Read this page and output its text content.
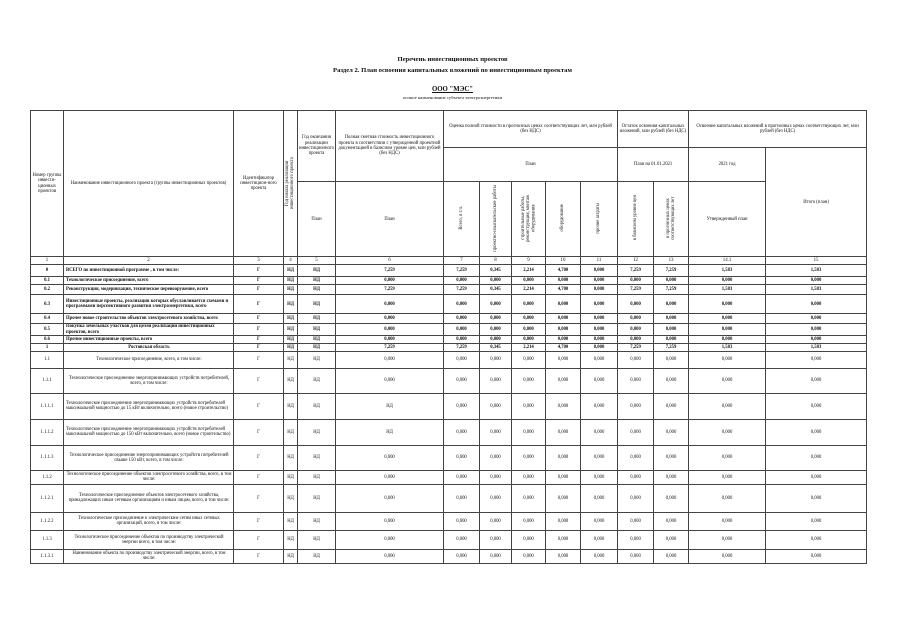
Перечень инвестиционных проектов
Раздел 2. План освоения капитальных вложений по инвестиционным проектам
ООО "МЭС"
полное наименование субъекта электроэнергетики
Номер группы инвести-ционных проектов	Наименование инвестиционного проекта (группы инвестиционных проектов)	Идентификатор инвестицион-ного проекта	Год начала реализации инвестиционного проекта	Год окончания реализации инвестиционного проекта	Полная сметная стоимость инвестиционного проекта в соответствии с утвержденной проектной документацией в базисном уровне цен, млн рублей (без НДС)	Оценка полной стоимости в прогнозных ценах соответствующих лет, млн рублей (без НДС)					Остаток освоения капитальных вложений, млн рублей (без НДС)		Освоение капитальных вложений в прогнозных ценах соответствующих лет, млн рублей (без НДС)	
						План					План на 01.01.2021		2021 год	Итого (план)
				План	План	Всего, в т.ч.	проектно-изыскательские работы	строительные работы, реконструкция, монтаж оборудования	оборудование	прочие затраты	в базисном уровне цен	в прогнозных ценах соответствующих лет	Утвержденный план	
1	2	3	4	5	6	7	8	9	10	11	12	13	14.1	15
0	ВСЕГО по инвестиционной программе , в том числе:	Г	НД	НД	7,259	7,259	0,345	2,214	4,700	0,000	7,259	7,259	1,583	1,583
0.1	Технологическое присоединение, всего	Г	НД	НД	0,000	0,000	0,000	0,000	0,000	0,000	0,000	0,000	0,000	0,000
0.2	Реконструкция, модернизация, техническое перевооружение, всего	Г	НД	НД	7,259	7,259	0,345	2,214	4,700	0,000	7,259	7,259	1,583	1,583
0.3	Инвестиционные проекты, реализация которых обуславливается схемами и программами перспективного развития электроэнергетики, всего	Г	НД	НД	0,000	0,000	0,000	0,000	0,000	0,000	0,000	0,000	0,000	0,000
0.4	Прочее новое строительство объектов электросетевого хозяйства, всего	Г	НД	НД	0,000	0,000	0,000	0,000	0,000	0,000	0,000	0,000	0,000	0,000
0.5	Покупка земельных участков для целей реализации инвестиционных проектов, всего	Г	НД	НД	0,000	0,000	0,000	0,000	0,000	0,000	0,000	0,000	0,000	0,000
0.6	Прочие инвестиционные проекты, всего	Г	НД	НД	0,000	0,000	0,000	0,000	0,000	0,000	0,000	0,000	0,000	0,000
1	Ростовская область	Г	НД	НД	7,259	7,259	0,345	2,214	4,700	0,000	7,259	7,259	1,583	1,583
1.1	Технологическое присоединение, всего, в том числе:	Г	НД	НД	0,000	0,000	0,000	0,000	0,000	0,000	0,000	0,000	0,000	0,000
1.1.1	Технологическое присоединение энергопринимающих устройств потребителей, всего, в том числе:	Г	НД	НД	0,000	0,000	0,000	0,000	0,000	0,000	0,000	0,000	0,000	0,000
1.1.1.1	Технологическое присоединение энергопринимающих устройств потребителей максимальной мощностью до 15 кВт включительно, всего (новое строительство)	Г	НД	НД	НД	0,000	0,000	0,000	0,000	0,000	0,000	0,000	0,000	0,000
1.1.1.2	Технологическое присоединение энергопринимающих устройств потребителей максимальной мощностью до 150 кВт включительно, всего (новое строительство)	Г	НД	НД	НД	0,000	0,000	0,000	0,000	0,000	0,000	0,000	0,000	0,000
1.1.1.3	Технологическое присоединение энергопринимающих устройств потребителей свыше 150 кВт, всего, в том числе:	Г	НД	НД	0,000	0,000	0,000	0,000	0,000	0,000	0,000	0,000	0,000	0,000
1.1.2	Технологическое присоединение объектов электросетевого хозяйства, всего, в том числе:	Г	НД	НД	0,000	0,000	0,000	0,000	0,000	0,000	0,000	0,000	0,000	0,000
1.1.2.1	Технологическое присоединение объектов электросетевого хозяйства, принадлежащих иным сетевым организациям и иным лицам, всего, в том числе:	Г	НД	НД	0,000	0,000	0,000	0,000	0,000	0,000	0,000	0,000	0,000	0,000
1.1.2.2	Технологическое присоединение к электрическим сетям иных сетевых организаций, всего, в том числе:	Г	НД	НД	0,000	0,000	0,000	0,000	0,000	0,000	0,000	0,000	0,000	0,000
1.1.3	Технологическое присоединение объектов по производству электрической энергии всего, в том числе:	Г	НД	НД	0,000	0,000	0,000	0,000	0,000	0,000	0,000	0,000	0,000	0,000
1.1.3.1	Наименование объекта по производству электрической энергии, всего, в том числе:	Г	НД	НД	0,000	0,000	0,000	0,000	0,000	0,000	0,000	0,000	0,000	0,000
